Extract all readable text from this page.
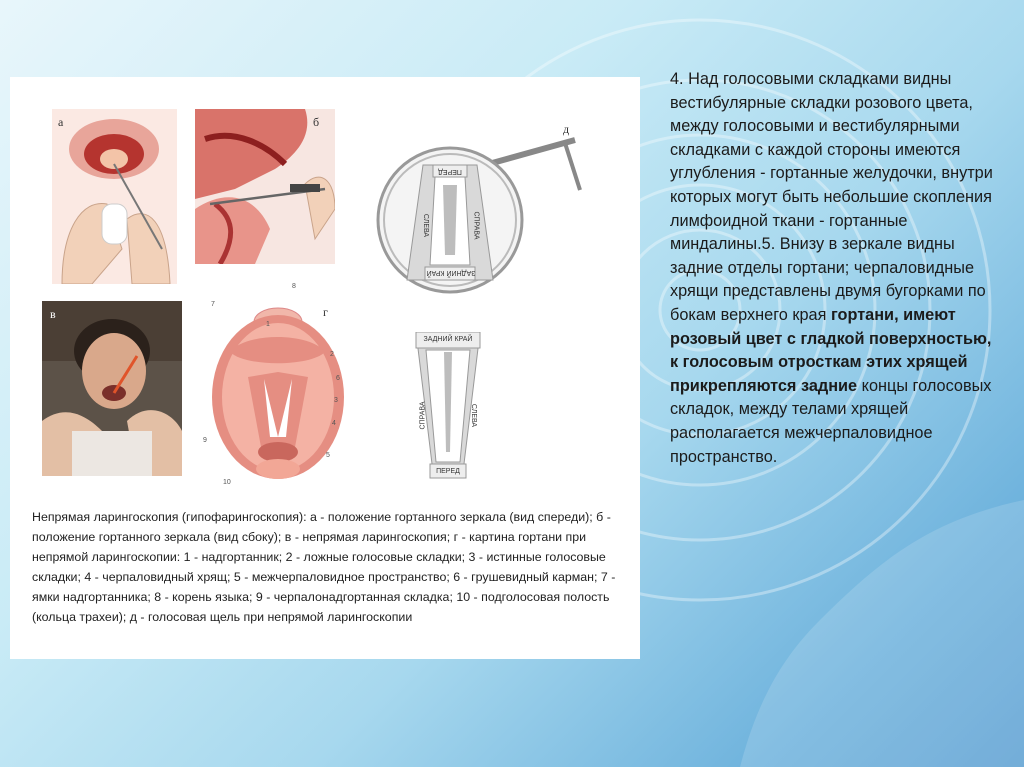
а	б	д
ПЕРЕД
ЗАДНИЙ КРАЙ
СЛЕВА	СПРАВА
в	г
1
2
3
4
5
6
7
8
9
10
ЗАДНИЙ КРАЙ
СПРАВА	СЛЕВА
ПЕРЕД
Непрямая ларингоскопия (гипофарингоскопия): а - положение гортанного зеркала (вид спереди); б - положение гортанного зеркала (вид сбоку); в - непрямая ларингоскопия; г - картина гортани при непрямой ларингоскопии: 1 - надгортанник; 2 - ложные голосовые складки; 3 - истинные голосовые складки; 4 - черпаловидный хрящ; 5 - межчерпаловидное пространство; 6 - грушевидный карман; 7 - ямки надгортанника; 8 - корень языка; 9 - черпалонадгортанная складка; 10 - подголосовая полость (кольца трахеи); д - голосовая щель при непрямой ларингоскопии
4. Над голосовыми складками видны вестибулярные складки розового цвета, между голосовыми и вестибулярными складками с каждой стороны имеются углубления - гортанные желудочки, внутри которых могут быть небольшие скопления лимфоидной ткани - гортанные миндалины.5. Внизу в зеркале видны задние отделы гортани; черпаловидные хрящи представлены двумя бугорками по бокам верхнего края гортани, имеют розовый цвет с гладкой поверхностью, к голосовым отросткам этих хрящей прикрепляются задние концы голосовых складок, между телами хрящей располагается межчерпаловидное пространство.
